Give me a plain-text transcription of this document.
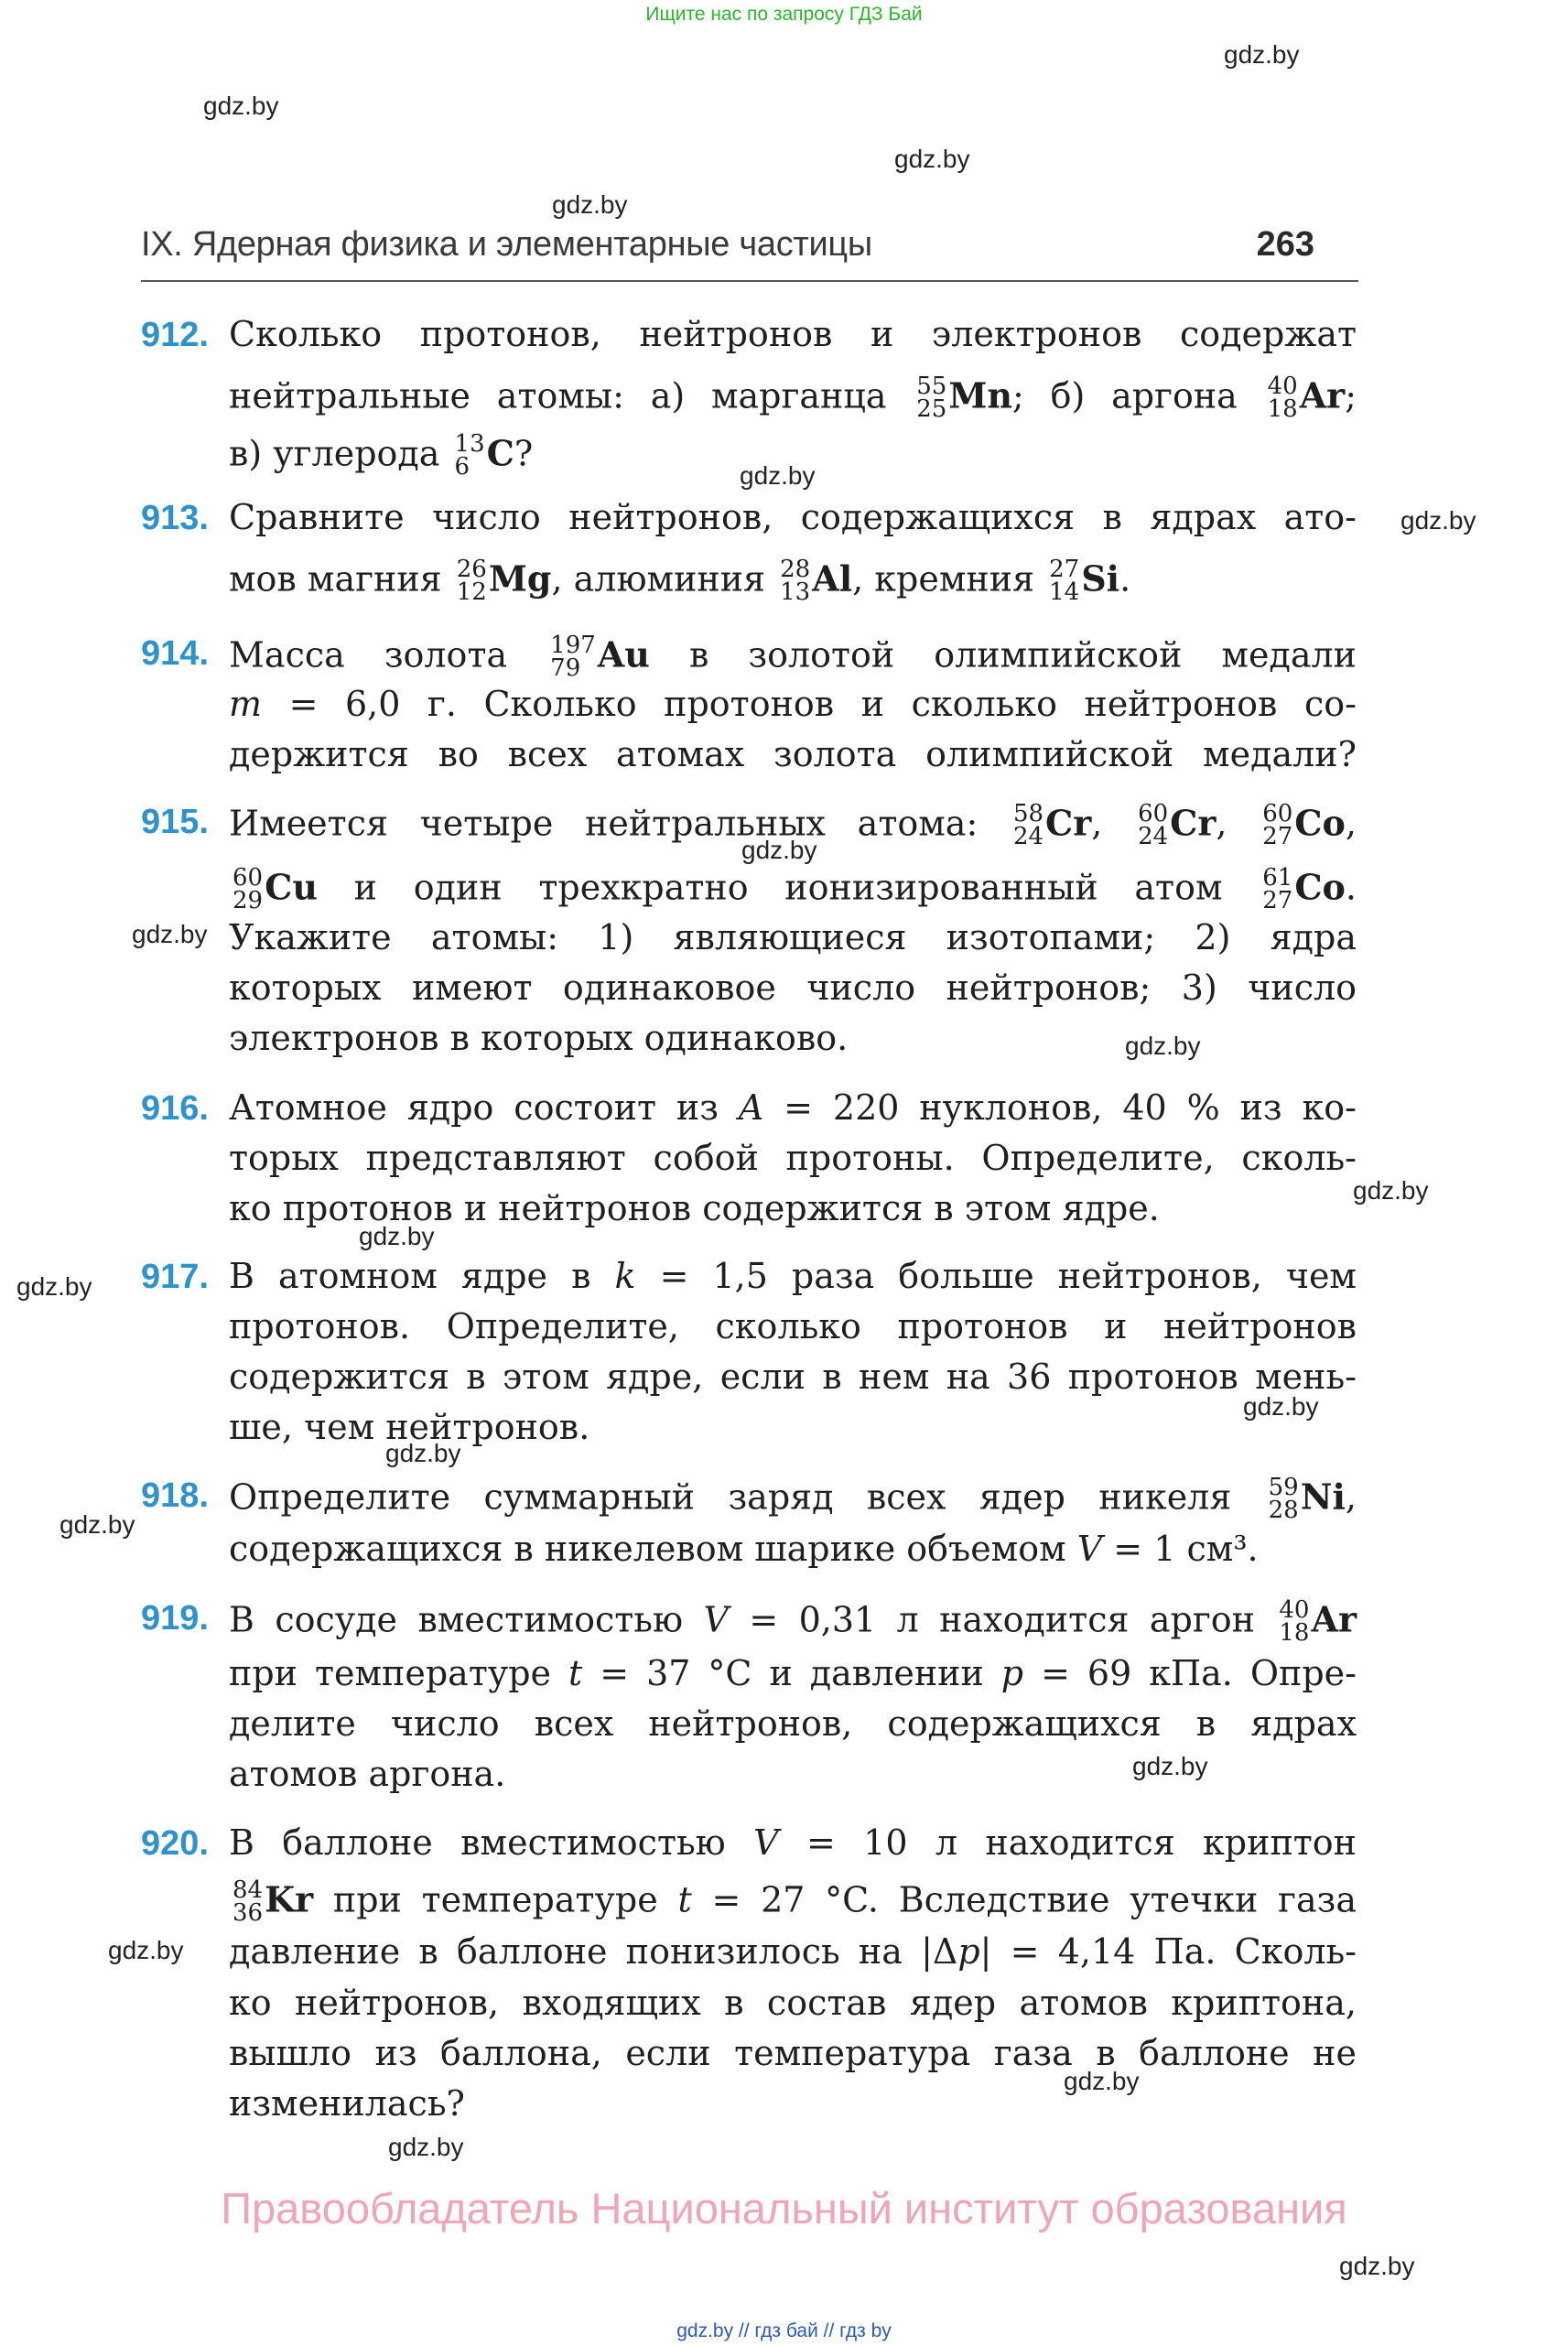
Ищите нас по запросу ГДЗ Бай
gdz.by
gdz.by
gdz.by
gdz.by
gdz.by
gdz.by
gdz.by
gdz.by
gdz.by
gdz.by
gdz.by
gdz.by
gdz.by
gdz.by
gdz.by
gdz.by
gdz.by
gdz.by
gdz.by
gdz.by
IX. Ядерная физика и элементарные частицы	263
912. Сколько протонов, нейтронов и электронов содержат
нейтральные атомы: а) марганца 55
25 Mn; б) аргона 40
18 Ar;
в) углерода 13
6 C?
913. Сравните число нейтронов, содержащихся в ядрах ато-
мов магния 26
12 Mg, алюминия 28
13 Al, кремния 27
14 Si.
914. Масса золота 197
79 Au в золотой олимпийской медали
m = 6,0 г. Сколько протонов и сколько нейтронов со-
держится во всех атомах золота олимпийской медали?
915. Имеется четыре нейтральных атома: 58
24 Cr, 60
24 Cr, 60
27 Co,
60
29 Cu и один трехкратно ионизированный атом 61
27 Co.
Укажите атомы: 1) являющиеся изотопами; 2) ядра
которых имеют одинаковое число нейтронов; 3) число
электронов в которых одинаково.
916. Атомное ядро состоит из A = 220 нуклонов, 40 % из ко-
торых представляют собой протоны. Определите, сколь-
ко протонов и нейтронов содержится в этом ядре.
917. В атомном ядре в k = 1,5 раза больше нейтронов, чем
протонов. Определите, сколько протонов и нейтронов
содержится в этом ядре, если в нем на 36 протонов мень-
ше, чем нейтронов.
918. Определите суммарный заряд всех ядер никеля 59
28 Ni,
содержащихся в никелевом шарике объемом V = 1 см³.
919. В сосуде вместимостью V = 0,31 л находится аргон 40
18 Ar
при температуре t = 37 °C и давлении p = 69 кПа. Опре-
делите число всех нейтронов, содержащихся в ядрах
атомов аргона.
920. В баллоне вместимостью V = 10 л находится криптон
84
36 Kr при температуре t = 27 °C. Вследствие утечки газа
давление в баллоне понизилось на |Δp| = 4,14 Па. Сколь-
ко нейтронов, входящих в состав ядер атомов криптона,
вышло из баллона, если температура газа в баллоне не
изменилась?
Правообладатель Национальный институт образования
gdz.by // гдз бай // гдз by
